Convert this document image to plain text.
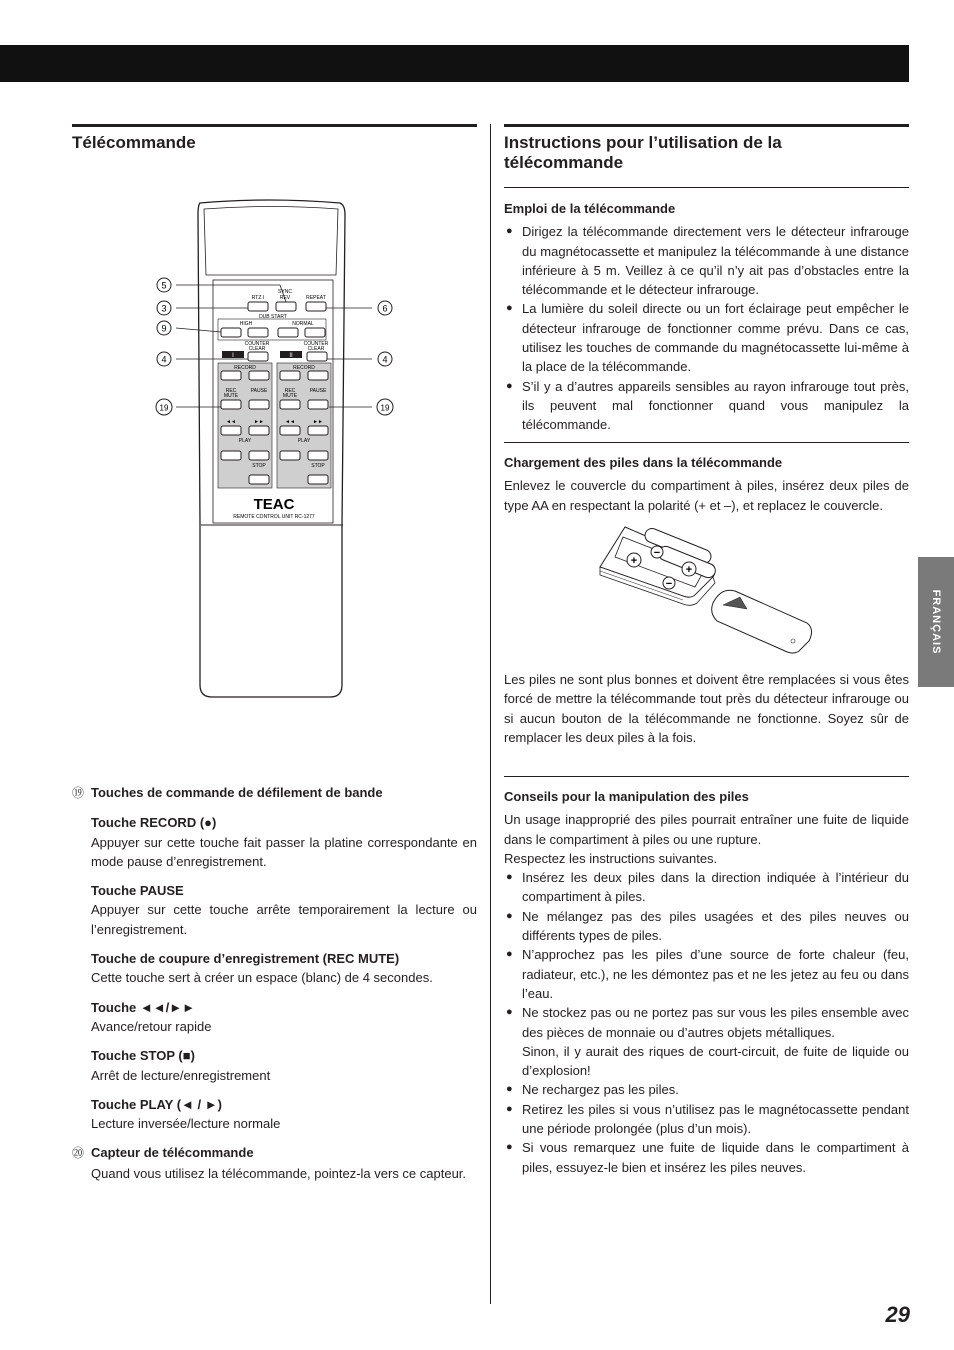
Télécommande
SYNC
REV
RTZ I	REPEAT
DUB START
HIGH	NORMAL
COUNTER
CLEAR
COUNTER
CLEAR
I	II
RECORD
REC
MUTE
PAUSE
◄◄	►►
PLAY
STOP
RECORD
REC
MUTE
PAUSE
◄◄	►►
PLAY
STOP
TEAC
REMOTE CONTROL UNIT RC-1277
5
3
9
4
19
6
4
19
⑲ Touches de commande de défilement de bande
Touche RECORD (●)

Appuyer sur cette touche fait passer la platine correspondante en mode pause d’enregistrement.

Touche PAUSE

Appuyer sur cette touche arrête temporairement la lecture ou l’enregistrement.

Touche de coupure d’enregistrement (REC MUTE)

Cette touche sert à créer un espace (blanc) de 4 secondes.

Touche ◄◄/►►

Avance/retour rapide

Touche STOP (■)

Arrêt de lecture/enregistrement

Touche PLAY (◄ / ►)

Lecture inversée/lecture normale

⑳ Capteur de télécommande
Quand vous utilisez la télécommande, pointez-la vers ce capteur.
Instructions pour l’utilisation de la télécommande
Emploi de la télécommande
● Dirigez la télécommande directement vers le détecteur infrarouge du magnétocassette et manipulez la télécommande à une distance inférieure à 5 m. Veillez à ce qu’il n’y ait pas d’obstacles entre la télécommande et le détecteur infrarouge.
● La lumière du soleil directe ou un fort éclairage peut empêcher le détecteur infrarouge de fonctionner comme prévu. Dans ce cas, utilisez les touches de commande du magnétocassette lui-même à la place de la télécommande.
● S’il y a d’autres appareils sensibles au rayon infrarouge tout près, ils peuvent mal fonctionner quand vous manipulez la télécommande.
Chargement des piles dans la télécommande

Enlevez le couvercle du compartiment à piles, insérez deux piles de type AA en respectant la polarité (+ et –), et replacez le couvercle.

+
+
−
−

Les piles ne sont plus bonnes et doivent être remplacées si vous êtes forcé de mettre la télécommande tout près du détecteur infrarouge ou si aucun bouton de la télécommande ne fonctionne. Soyez sûr de remplacer les deux piles à la fois.

Conseils pour la manipulation des piles

Un usage inapproprié des piles pourrait entraîner une fuite de liquide dans le compartiment à piles ou une rupture.

Respectez les instructions suivantes.

● Insérez les deux piles dans la direction indiquée à l’intérieur du compartiment à piles.
● Ne mélangez pas des piles usagées et des piles neuves ou différents types de piles.
● N’approchez pas les piles d’une source de forte chaleur (feu, radiateur, etc.), ne les démontez pas et ne les jetez au feu ou dans l’eau.
● Ne stockez pas ou ne portez pas sur vous les piles ensemble avec des pièces de monnaie ou d’autres objets métalliques.
Sinon, il y aurait des riques de court-circuit, de fuite de liquide ou d’explosion!
● Ne rechargez pas les piles.
● Retirez les piles si vous n’utilisez pas le magnétocassette pendant une période prolongée (plus d’un mois).
● Si vous remarquez une fuite de liquide dans le compartiment à piles, essuyez-le bien et insérez les piles neuves.
FRANÇAIS
29
